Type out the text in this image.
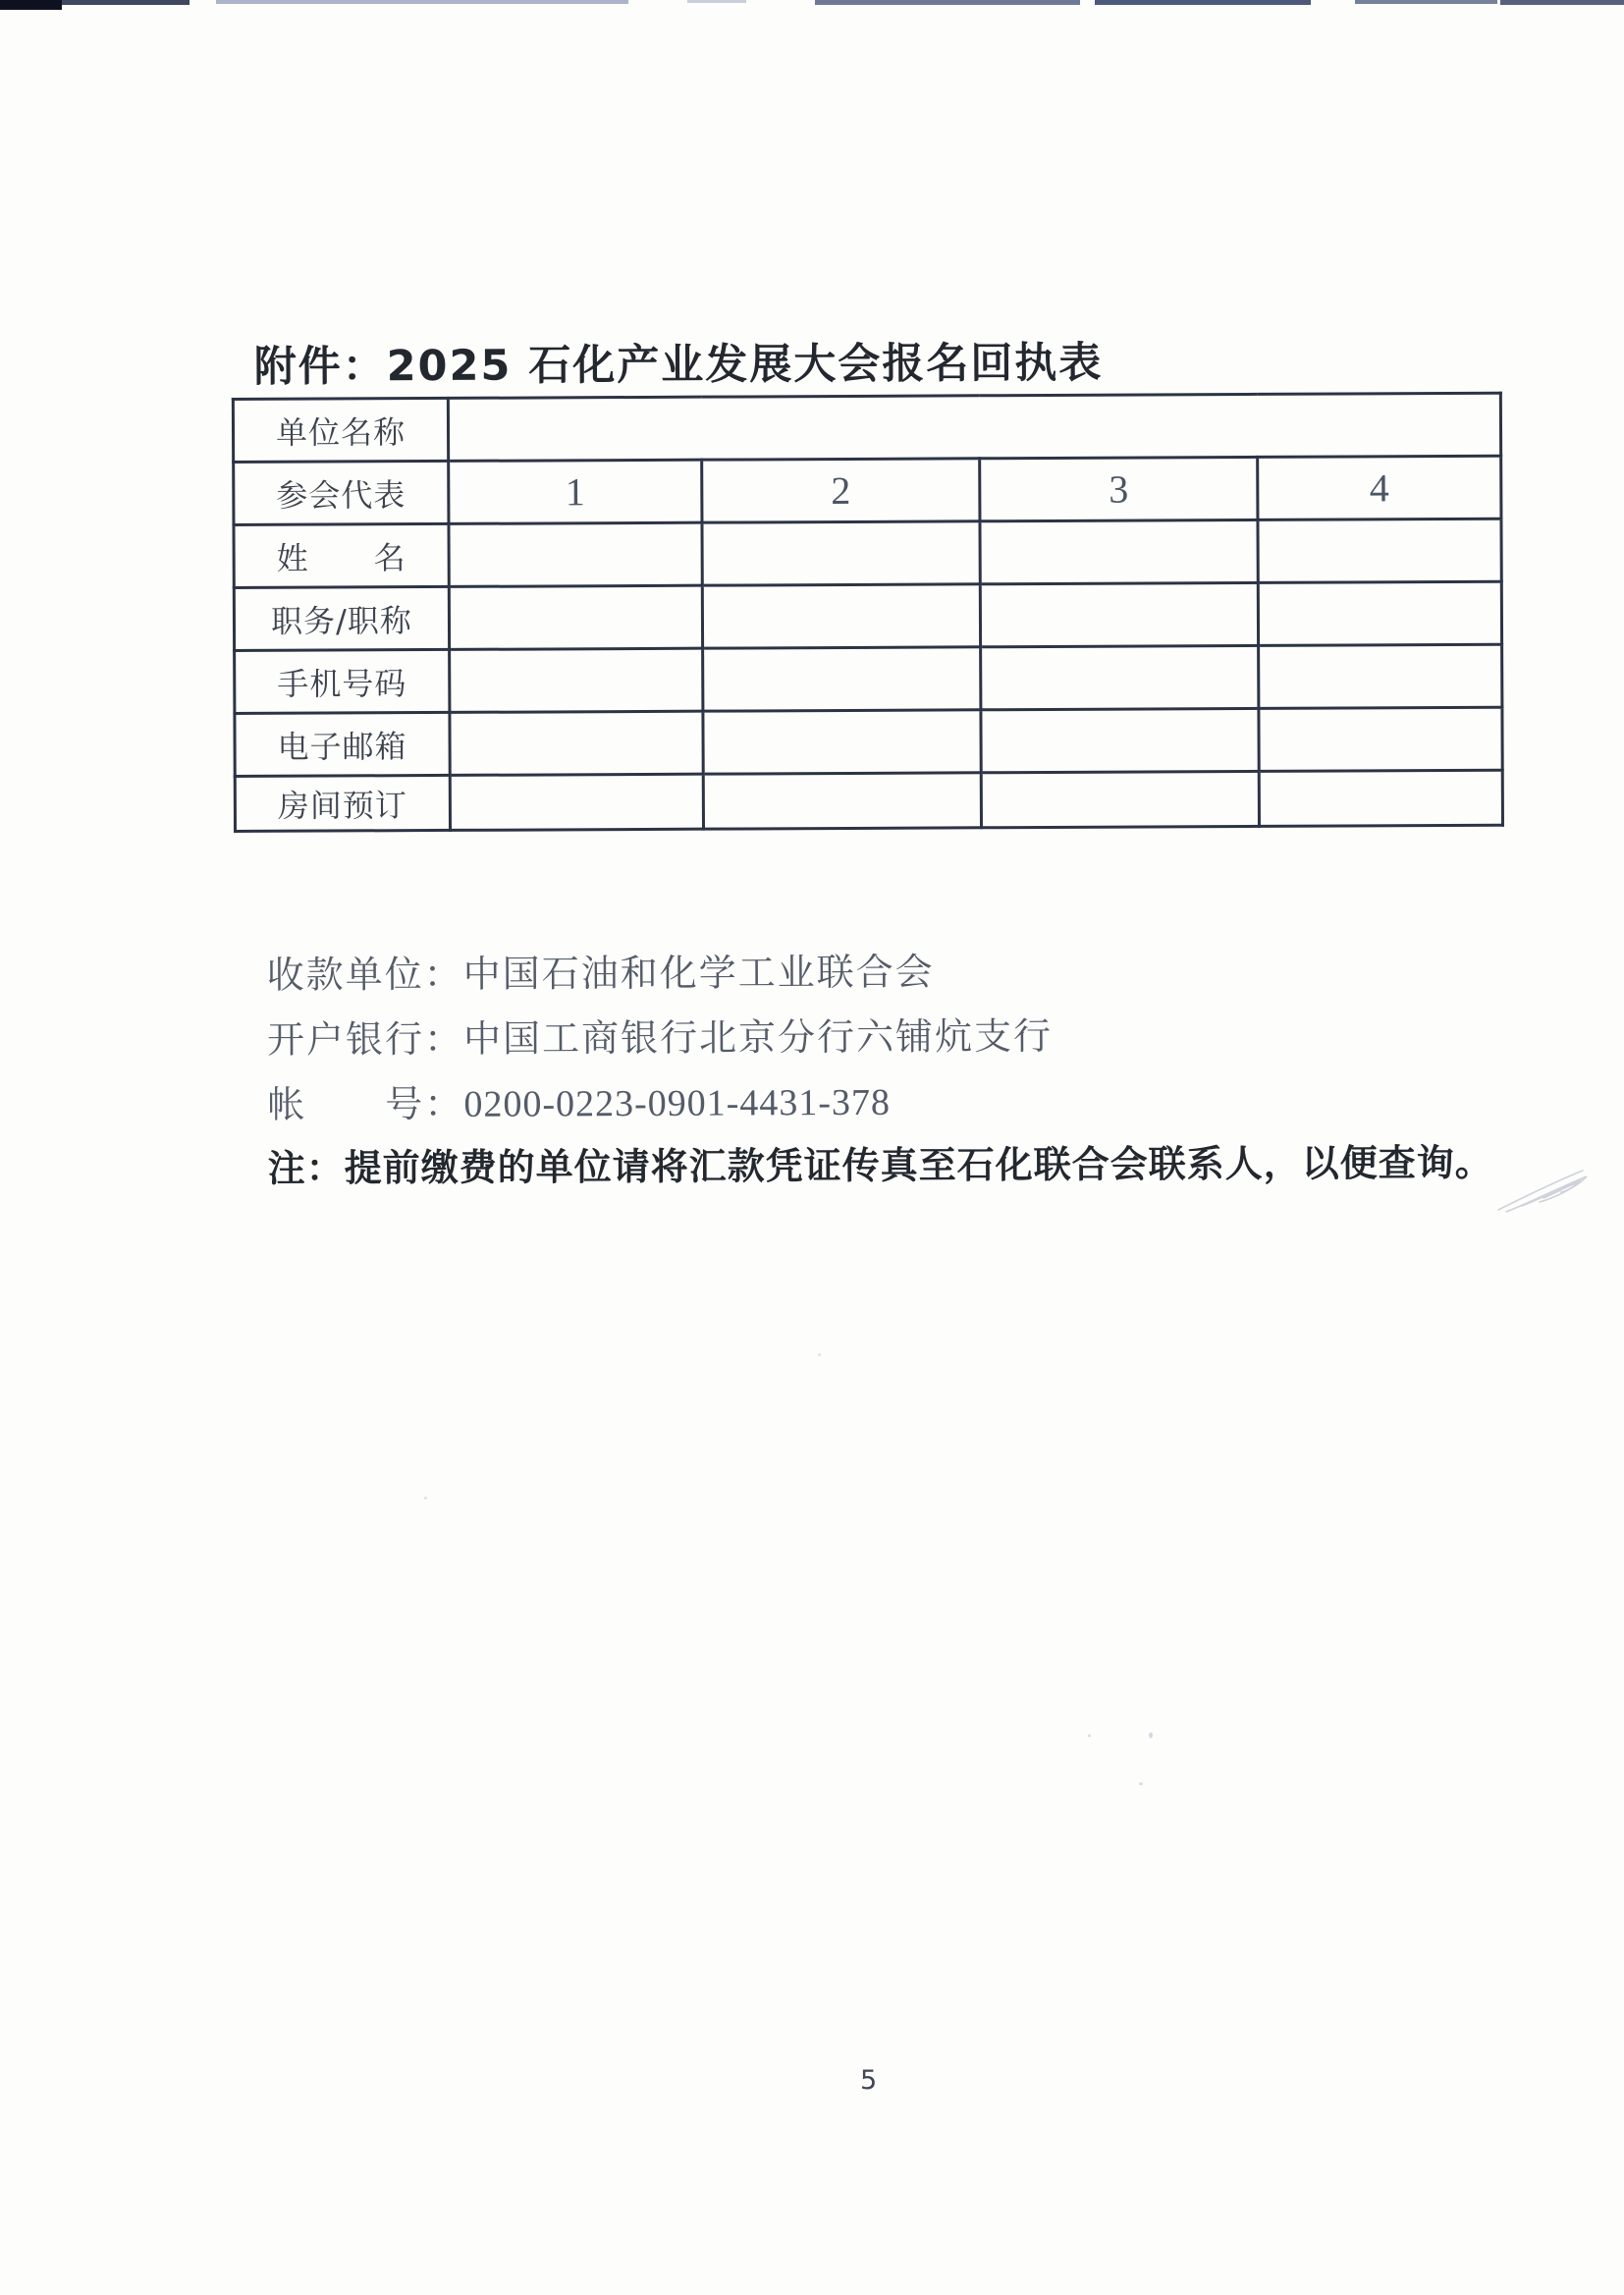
附件：2025 石化产业发展大会报名回执表
单位名称				
参会代表	1	2	3	4
姓　　名				
职务/职称				
手机号码				
电子邮箱				
房间预订				

收款单位：中国石油和化学工业联合会

开户银行：中国工商银行北京分行六铺炕支行

帐　　号：0200-0223-0901-4431-378

注：提前缴费的单位请将汇款凭证传真至石化联合会联系人，以便查询。

5
